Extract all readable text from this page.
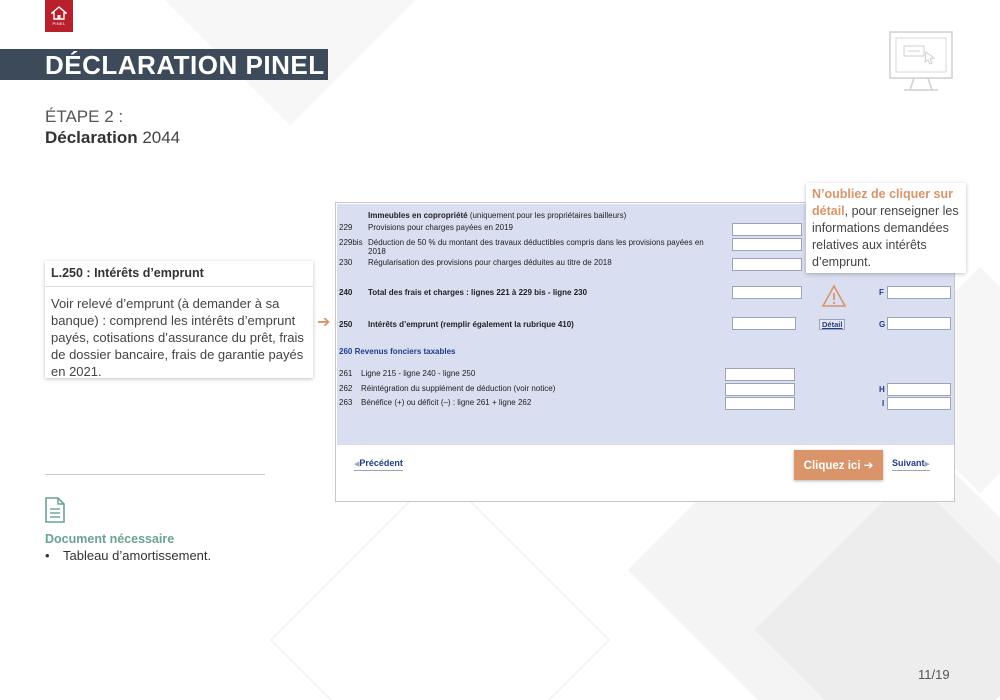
PINEL
DÉCLARATION PINEL
ÉTAPE 2 :
Déclaration 2044
L.250 : Intérêts d’emprunt
Voir relevé d’emprunt (à demander à sa banque) : comprend les intérêts d’emprunt payés, cotisations d’assurance du prêt, frais de dossier bancaire, frais de garantie payés en 2021.
➔
Document nécessaire
• Tableau d’amortissement.
Immeubles en copropriété (uniquement pour les propriétaires bailleurs)
229 Provisions pour charges payées en 2019
229bis Déduction de 50 % du montant des travaux déductibles compris dans les provisions payées en 2018
230 Régularisation des provisions pour charges déduites au titre de 2018
240 Total des frais et charges : lignes 221 à 229 bis - ligne 230	F
250 Intérêts d’emprunt (remplir également la rubrique 410)	Détail	G
260 Revenus fonciers taxables
261 Ligne 215 - ligne 240 - ligne 250
262 Réintégration du supplément de déduction (voir notice)	H
263 Bénéfice (+) ou déficit (–) : ligne 261 + ligne 262	I
◀Précédent	Cliquez ici ➔	Suivant▶
N’oubliez de cliquer sur détail, pour renseigner les informations demandées relatives aux intérêts d’emprunt.
11/19
